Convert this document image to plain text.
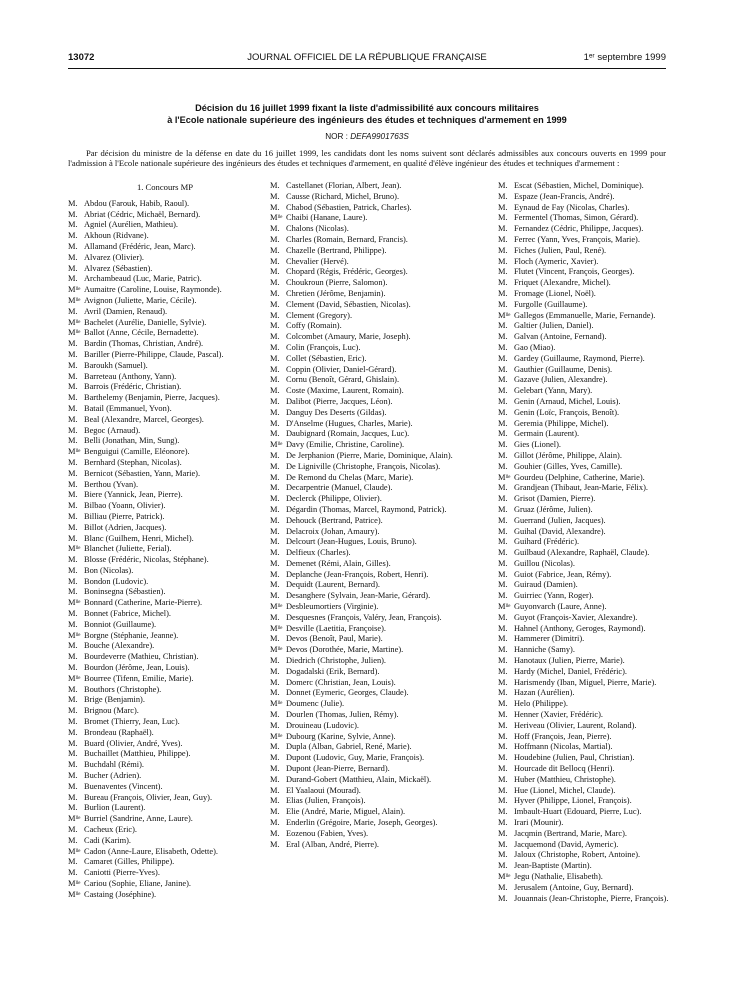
13072	JOURNAL OFFICIEL DE LA RÉPUBLIQUE FRANÇAISE	1ᵉʳ septembre 1999
Décision du 16 juillet 1999 fixant la liste d'admissibilité aux concours militaires
à l'Ecole nationale supérieure des ingénieurs des études et techniques d'armement en 1999
NOR : DEFA9901763S

Par décision du ministre de la défense en date du 16 juillet 1999, les candidats dont les noms suivent sont déclarés admissibles aux concours ouverts en 1999 pour l'admission à l'Ecole nationale supérieure des ingénieurs des études et techniques d'armement, en qualité d'élève ingénieur des études et techniques d'armement :

1. Concours MP
M. Abdou (Farouk, Habib, Raoul).
M. Abriat (Cédric, Michaël, Bernard).
M. Agniel (Aurélien, Mathieu).
M. Akhoun (Ridvane).
M. Allamand (Frédéric, Jean, Marc).
M. Alvarez (Olivier).
M. Alvarez (Sébastien).
M. Archambeaud (Luc, Marie, Patric).
Mˡˡᵉ Aumaitre (Caroline, Louise, Raymonde).
Mˡˡᵉ Avignon (Juliette, Marie, Cécile).
M. Avril (Damien, Renaud).
Mˡˡᵉ Bachelet (Aurélie, Danielle, Sylvie).
Mˡˡᵉ Ballot (Anne, Cécile, Bernadette).
M. Bardin (Thomas, Christian, André).
M. Bariller (Pierre-Philippe, Claude, Pascal).
M. Baroukh (Samuel).
M. Barreteau (Anthony, Yann).
M. Barrois (Frédéric, Christian).
M. Barthelemy (Benjamin, Pierre, Jacques).
M. Batail (Emmanuel, Yvon).
M. Beal (Alexandre, Marcel, Georges).
M. Begoc (Arnaud).
M. Belli (Jonathan, Min, Sung).
Mˡˡᵉ Benguigui (Camille, Eléonore).
M. Bernhard (Stephan, Nicolas).
M. Bernicot (Sébastien, Yann, Marie).
M. Berthou (Yvan).
M. Biere (Yannick, Jean, Pierre).
M. Bilbao (Yoann, Olivier).
M. Billiau (Pierre, Patrick).
M. Billot (Adrien, Jacques).
M. Blanc (Guilhem, Henri, Michel).
Mˡˡᵉ Blanchet (Juliette, Ferial).
M. Blosse (Frédéric, Nicolas, Stéphane).
M. Bon (Nicolas).
M. Bondon (Ludovic).
M. Boninsegna (Sébastien).
Mˡˡᵉ Bonnard (Catherine, Marie-Pierre).
M. Bonnet (Fabrice, Michel).
M. Bonniot (Guillaume).
Mˡˡᵉ Borgne (Stéphanie, Jeanne).
M. Bouche (Alexandre).
M. Bourdeverre (Mathieu, Christian).
M. Bourdon (Jérôme, Jean, Louis).
Mˡˡᵉ Bourree (Tifenn, Emilie, Marie).
M. Bouthors (Christophe).
M. Brige (Benjamin).
M. Brignou (Marc).
M. Bromet (Thierry, Jean, Luc).
M. Brondeau (Raphaël).
M. Buard (Olivier, André, Yves).
M. Buchaillet (Matthieu, Philippe).
M. Buchdahl (Rémi).
M. Bucher (Adrien).
M. Buenaventes (Vincent).
M. Bureau (François, Olivier, Jean, Guy).
M. Burlion (Laurent).
Mˡˡᵉ Burriel (Sandrine, Anne, Laure).
M. Cacheux (Eric).
M. Cadi (Karim).
Mˡˡᵉ Cadon (Anne-Laure, Elisabeth, Odette).
M. Camaret (Gilles, Philippe).
M. Caniotti (Pierre-Yves).
Mˡˡᵉ Cariou (Sophie, Eliane, Janine).
Mˡˡᵉ Castaing (Joséphine).
M. Castellanet (Florian, Albert, Jean).
M. Causse (Richard, Michel, Bruno).
M. Chabod (Sébastien, Patrick, Charles).
Mˡˡᵉ Chaibi (Hanane, Laure).
M. Chalons (Nicolas).
M. Charles (Romain, Bernard, Francis).
M. Chazelle (Bertrand, Philippe).
M. Chevalier (Hervé).
M. Chopard (Régis, Frédéric, Georges).
M. Choukroun (Pierre, Salomon).
M. Chretien (Jérôme, Benjamin).
M. Clement (David, Sébastien, Nicolas).
M. Clement (Gregory).
M. Coffy (Romain).
M. Colcombet (Amaury, Marie, Joseph).
M. Colin (François, Luc).
M. Collet (Sébastien, Eric).
M. Coppin (Olivier, Daniel-Gérard).
M. Cornu (Benoît, Gérard, Ghislain).
M. Coste (Maxime, Laurent, Romain).
M. Dalibot (Pierre, Jacques, Léon).
M. Danguy Des Deserts (Gildas).
M. D'Anselme (Hugues, Charles, Marie).
M. Daubignard (Romain, Jacques, Luc).
Mˡˡᵉ Davy (Emilie, Christine, Caroline).
M. De Jerphanion (Pierre, Marie, Dominique, Alain).
M. De Ligniville (Christophe, François, Nicolas).
M. De Remond du Chelas (Marc, Marie).
M. Decarpentrie (Manuel, Claude).
M. Declerck (Philippe, Olivier).
M. Dégardin (Thomas, Marcel, Raymond, Patrick).
M. Dehouck (Bertrand, Patrice).
M. Delacroix (Johan, Amaury).
M. Delcourt (Jean-Hugues, Louis, Bruno).
M. Delfieux (Charles).
M. Demenet (Rémi, Alain, Gilles).
M. Deplanche (Jean-François, Robert, Henri).
M. Dequidt (Laurent, Bernard).
M. Desanghere (Sylvain, Jean-Marie, Gérard).
Mˡˡᵉ Desbleumortiers (Virginie).
M. Desquesnes (François, Valéry, Jean, François).
Mˡˡᵉ Desville (Laetitia, Françoise).
M. Devos (Benoît, Paul, Marie).
Mˡˡᵉ Devos (Dorothée, Marie, Martine).
M. Diedrich (Christophe, Julien).
M. Dogadalski (Erik, Bernard).
M. Domerc (Christian, Jean, Louis).
M. Donnet (Eymeric, Georges, Claude).
Mˡˡᵉ Doumenc (Julie).
M. Dourlen (Thomas, Julien, Rémy).
M. Drouineau (Ludovic).
Mˡˡᵉ Dubourg (Karine, Sylvie, Anne).
M. Dupla (Alban, Gabriel, René, Marie).
M. Dupont (Ludovic, Guy, Marie, François).
M. Dupont (Jean-Pierre, Bernard).
M. Durand-Gobert (Matthieu, Alain, Mickaël).
M. El Yaalaoui (Mourad).
M. Elias (Julien, François).
M. Elie (André, Marie, Miguel, Alain).
M. Enderlin (Grégoire, Marie, Joseph, Georges).
M. Eozenou (Fabien, Yves).
M. Eral (Alban, André, Pierre).
M. Escat (Sébastien, Michel, Dominique).
M. Espaze (Jean-Francis, André).
M. Eynaud de Fay (Nicolas, Charles).
M. Fermentel (Thomas, Simon, Gérard).
M. Fernandez (Cédric, Philippe, Jacques).
M. Ferrec (Yann, Yves, François, Marie).
M. Fiches (Julien, Paul, René).
M. Floch (Aymeric, Xavier).
M. Flutet (Vincent, François, Georges).
M. Friquet (Alexandre, Michel).
M. Fromage (Lionel, Noël).
M. Furgolle (Guillaume).
Mˡˡᵉ Gallegos (Emmanuelle, Marie, Fernande).
M. Galtier (Julien, Daniel).
M. Galvan (Antoine, Fernand).
M. Gao (Miao).
M. Gardey (Guillaume, Raymond, Pierre).
M. Gauthier (Guillaume, Denis).
M. Gazave (Julien, Alexandre).
M. Gelebart (Yann, Mary).
M. Genin (Arnaud, Michel, Louis).
M. Genin (Loïc, François, Benoît).
M. Geremia (Philippe, Michel).
M. Germain (Laurent).
M. Gies (Lionel).
M. Gillot (Jérôme, Philippe, Alain).
M. Gouhier (Gilles, Yves, Camille).
Mˡˡᵉ Gourdeu (Delphine, Catherine, Marie).
M. Grandjean (Thibaut, Jean-Marie, Félix).
M. Grisot (Damien, Pierre).
M. Gruaz (Jérôme, Julien).
M. Guerrand (Julien, Jacques).
M. Guihal (David, Alexandre).
M. Guihard (Frédéric).
M. Guilbaud (Alexandre, Raphaël, Claude).
M. Guillou (Nicolas).
M. Guiot (Fabrice, Jean, Rémy).
M. Guiraud (Damien).
M. Guirriec (Yann, Roger).
Mˡˡᵉ Guyonvarch (Laure, Anne).
M. Guyot (François-Xavier, Alexandre).
M. Hahnel (Anthony, Geroges, Raymond).
M. Hammerer (Dimitri).
M. Hanniche (Samy).
M. Hanotaux (Julien, Pierre, Marie).
M. Hardy (Michel, Daniel, Frédéric).
M. Harismendy (Iban, Miguel, Pierre, Marie).
M. Hazan (Aurélien).
M. Helo (Philippe).
M. Henner (Xavier, Frédéric).
M. Heriveau (Olivier, Laurent, Roland).
M. Hoff (François, Jean, Pierre).
M. Hoffmann (Nicolas, Martial).
M. Houdebine (Julien, Paul, Christian).
M. Hourcade dit Bellocq (Henri).
M. Huber (Matthieu, Christophe).
M. Hue (Lionel, Michel, Claude).
M. Hyver (Philippe, Lionel, François).
M. Imbault-Huart (Edouard, Pierre, Luc).
M. Irari (Mounir).
M. Jacqmin (Bertrand, Marie, Marc).
M. Jacquemond (David, Aymeric).
M. Jaloux (Christophe, Robert, Antoine).
M. Jean-Baptiste (Martin).
Mˡˡᵉ Jegu (Nathalie, Elisabeth).
M. Jerusalem (Antoine, Guy, Bernard).
M. Jouannais (Jean-Christophe, Pierre, François).
